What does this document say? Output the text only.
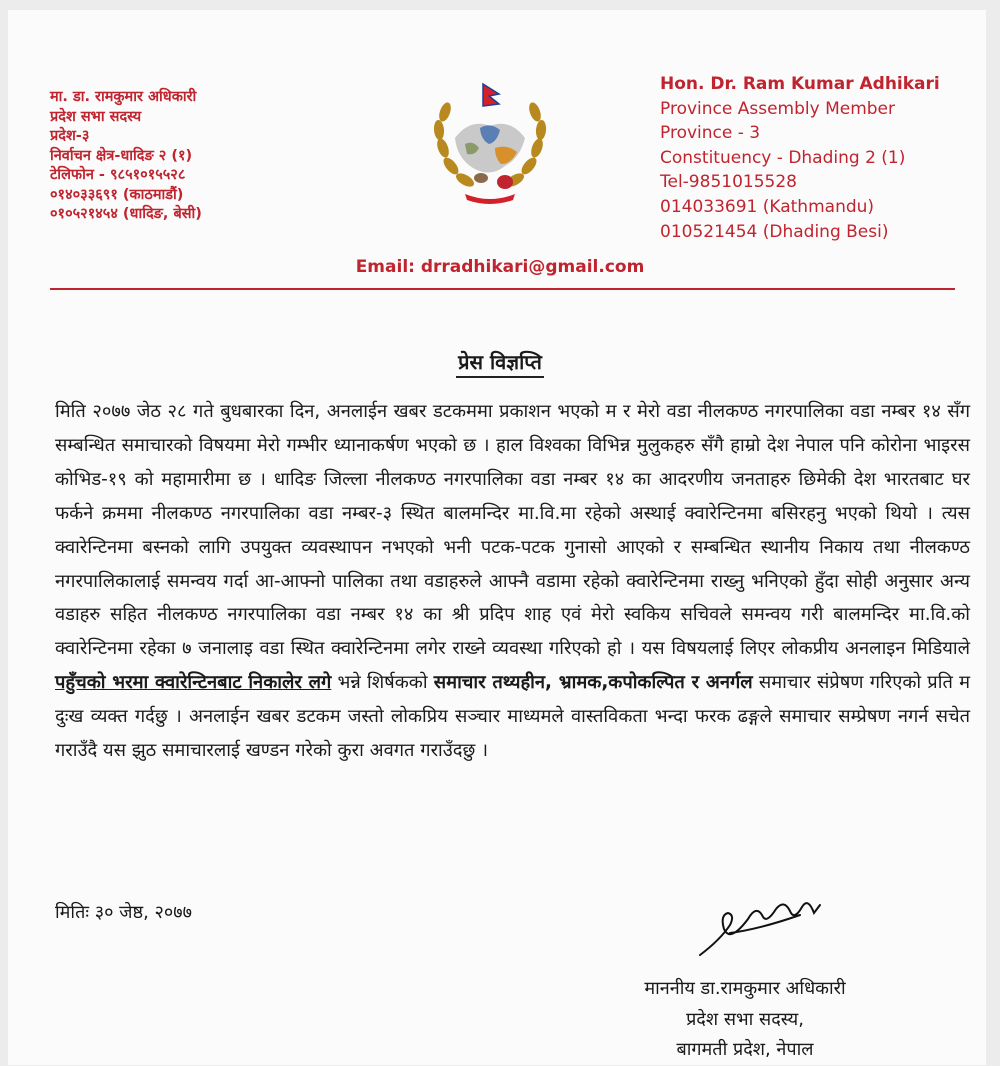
मा. डा. रामकुमार अधिकारी
प्रदेश सभा सदस्य
प्रदेश-३
निर्वाचन क्षेत्र-धादिङ २ (१)
टेलिफोन - ९८५१०१५५२८
०१४०३३६९१ (काठमाडौं)
०१०५२१४५४ (धादिङ, बेसी)
Hon. Dr. Ram Kumar Adhikari
Province Assembly Member
Province - 3
Constituency - Dhading 2 (1)
Tel-9851015528
014033691 (Kathmandu)
010521454 (Dhading Besi)
Email: drradhikari@gmail.com
प्रेस विज्ञप्ति
मिति २०७७ जेठ २८ गते बुधबारका दिन, अनलाईन खबर डटकममा प्रकाशन भएको म र मेरो वडा नीलकण्ठ नगरपालिका वडा नम्बर १४ सँग सम्बन्धित समाचारको विषयमा मेरो गम्भीर ध्यानाकर्षण भएको छ । हाल विश्वका विभिन्न मुलुकहरु सँगै हाम्रो देश नेपाल पनि कोरोना भाइरस कोभिड-१९ को महामारीमा छ । धादिङ जिल्ला नीलकण्ठ नगरपालिका वडा नम्बर १४ का आदरणीय जनताहरु छिमेकी देश भारतबाट घर फर्कने क्रममा नीलकण्ठ नगरपालिका वडा नम्बर-३ स्थित बालमन्दिर मा.वि.मा रहेको अस्थाई क्वारेन्टिनमा बसिरहनु भएको थियो । त्यस क्वारेन्टिनमा बस्नको लागि उपयुक्त व्यवस्थापन नभएको भनी पटक-पटक गुनासो आएको र सम्बन्धित स्थानीय निकाय तथा नीलकण्ठ नगरपालिकालाई समन्वय गर्दा आ-आफ्नो पालिका तथा वडाहरुले आफ्नै वडामा रहेको क्वारेन्टिनमा राख्नु भनिएको हुँदा सोही अनुसार अन्य वडाहरु सहित नीलकण्ठ नगरपालिका वडा नम्बर १४ का श्री प्रदिप शाह एवं मेरो स्वकिय सचिवले समन्वय गरी बालमन्दिर मा.वि.को क्वारेन्टिनमा रहेका ७ जनालाइ वडा स्थित क्वारेन्टिनमा लगेर राख्ने व्यवस्था गरिएको हो । यस विषयलाई लिएर लोकप्रीय अनलाइन मिडियाले पहुँचको भरमा क्वारेन्टिनबाट निकालेर लगे भन्ने शिर्षकको समाचार तथ्यहीन, भ्रामक,कपोकल्पित र अनर्गल समाचार संप्रेषण गरिएको प्रति म दुःख व्यक्त गर्दछु । अनलाईन खबर डटकम जस्तो लोकप्रिय सञ्चार माध्यमले वास्तविकता भन्दा फरक ढङ्गले समाचार सम्प्रेषण नगर्न सचेत गराउँदै यस झुठ समाचारलाई खण्डन गरेको कुरा अवगत गराउँदछु ।
मितिः ३० जेष्ठ, २०७७
माननीय डा.रामकुमार अधिकारी
प्रदेश सभा सदस्य,
बागमती प्रदेश, नेपाल
